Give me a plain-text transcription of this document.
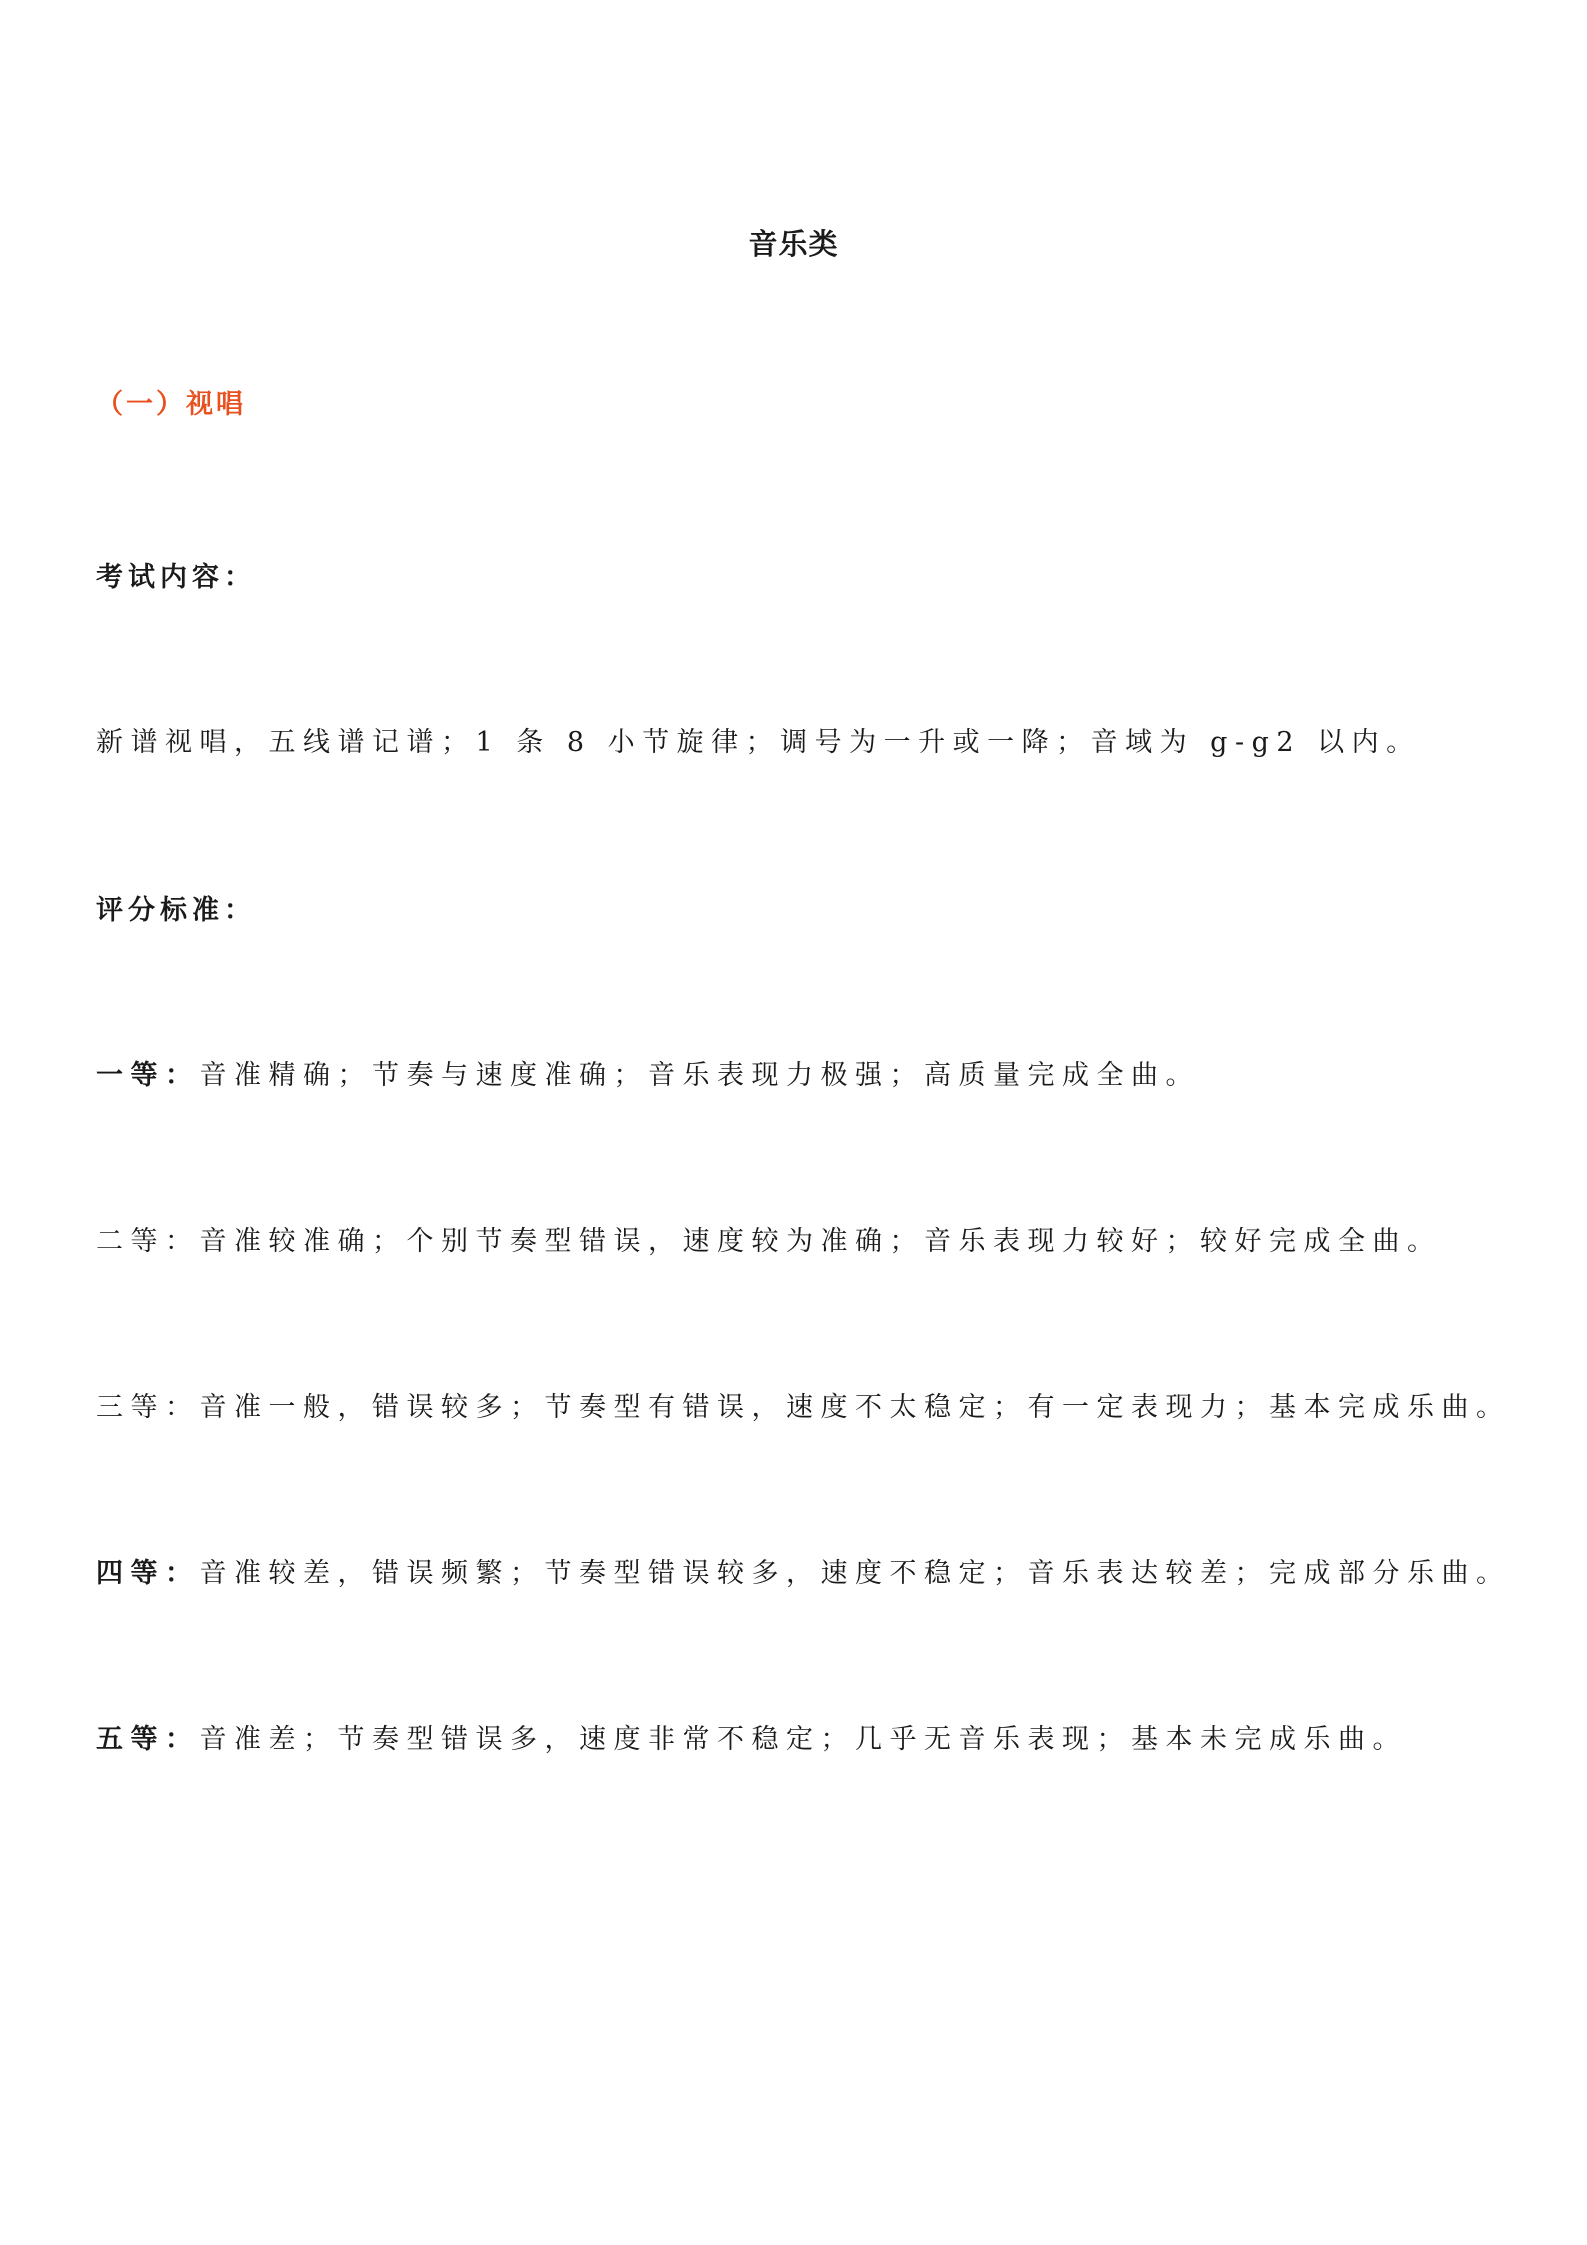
音乐类
（一）视唱
考试内容：
新谱视唱，五线谱记谱；1 条 8 小节旋律；调号为一升或一降；音域为 g-g2 以内。
评分标准：
一等：音准精确；节奏与速度准确；音乐表现力极强；高质量完成全曲。
二等：音准较准确；个别节奏型错误，速度较为准确；音乐表现力较好；较好完成全曲。
三等：音准一般，错误较多；节奏型有错误，速度不太稳定；有一定表现力；基本完成乐曲。
四等：音准较差，错误频繁；节奏型错误较多，速度不稳定；音乐表达较差；完成部分乐曲。
五等：音准差；节奏型错误多，速度非常不稳定；几乎无音乐表现；基本未完成乐曲。
